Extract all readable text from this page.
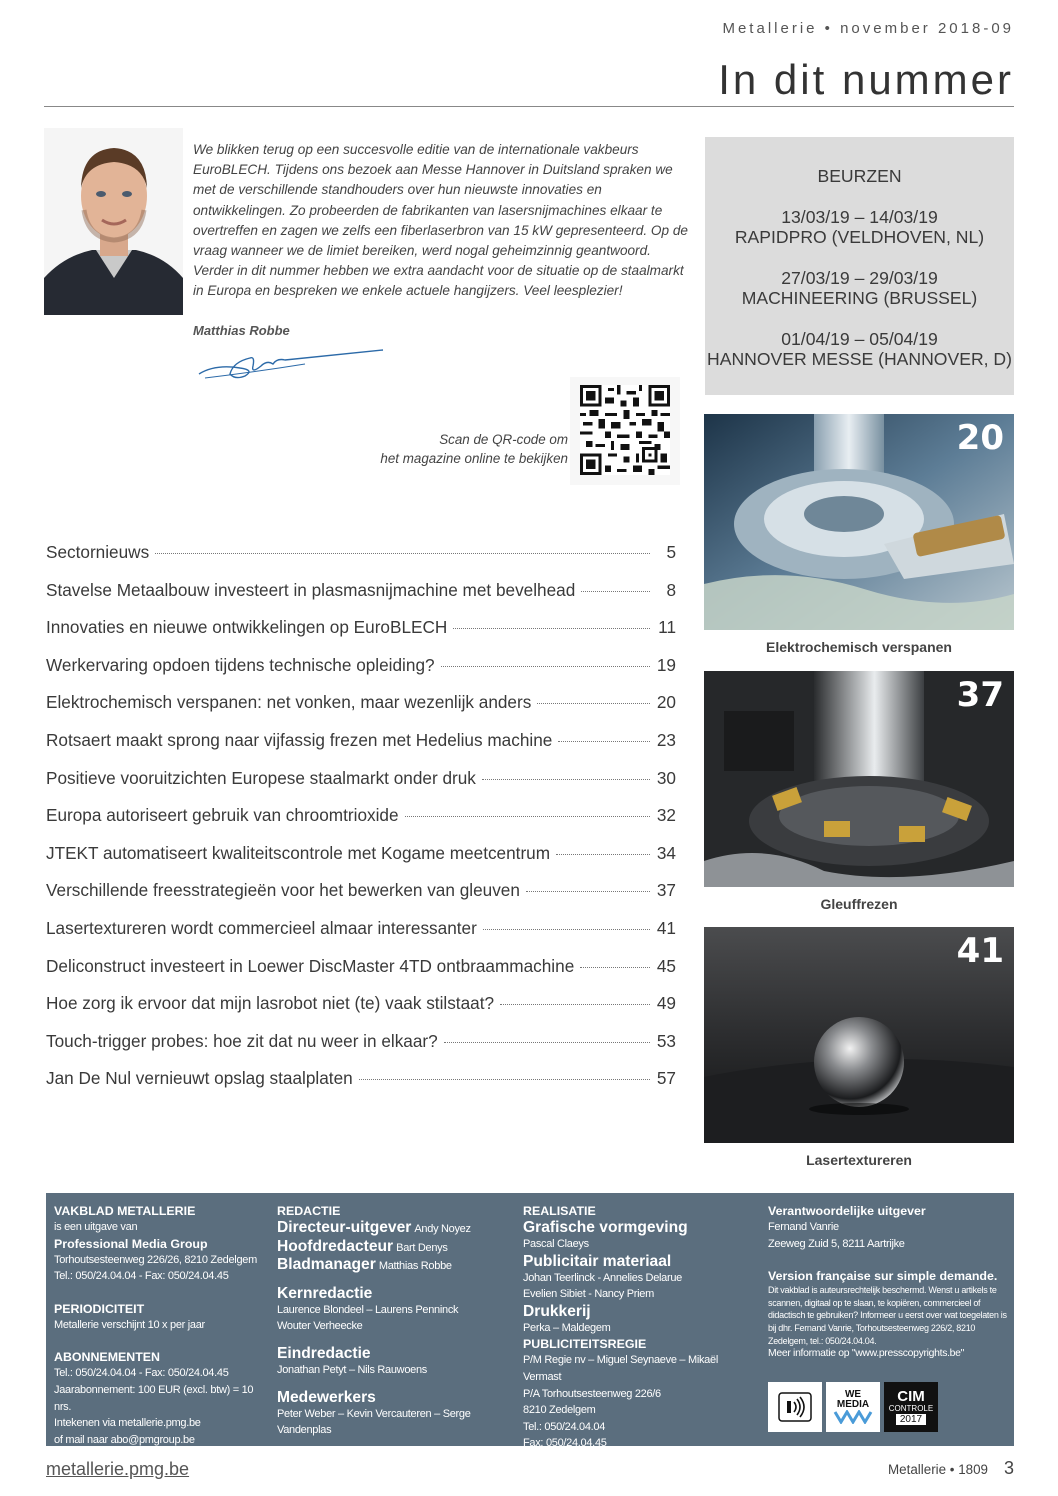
Metallerie • november 2018-09
In dit nummer

We blikken terug op een succesvolle editie van de internationale vakbeurs EuroBLECH. Tijdens ons bezoek aan Messe Hannover in Duitsland spraken we met de verschillende standhouders over hun nieuwste innovaties en ontwikkelingen. Zo probeerden de fabrikanten van lasersnijmachines elkaar te overtreffen en zagen we zelfs een fiberlaserbron van 15 kW gepresenteerd. Op de vraag wanneer we de limiet bereiken, werd nogal geheimzinnig geantwoord. Verder in dit nummer hebben we extra aandacht voor de situatie op de staalmarkt in Europa en bespreken we enkele actuele hangijzers. Veel leesplezier!

Matthias Robbe
Scan de QR-code om
het magazine online te bekijken
BEURZEN
13/03/19 – 14/03/19
RAPIDPRO (VELDHOVEN, NL)
27/03/19 – 29/03/19
MACHINEERING (BRUSSEL)
01/04/19 – 05/04/19
HANNOVER MESSE (HANNOVER, D)
Sectornieuws	5
Stavelse Metaalbouw investeert in plasmasnijmachine met bevelhead	8
Innovaties en nieuwe ontwikkelingen op EuroBLECH	11
Werkervaring opdoen tijdens technische opleiding?	19
Elektrochemisch verspanen: net vonken, maar wezenlijk anders	20
Rotsaert maakt sprong naar vijfassig frezen met Hedelius machine	23
Positieve vooruitzichten Europese staalmarkt onder druk	30
Europa autoriseert gebruik van chroomtrioxide	32
JTEKT automatiseert kwaliteitscontrole met Kogame meetcentrum	34
Verschillende freesstrategieën voor het bewerken van gleuven	37
Lasertextureren wordt commercieel almaar interessanter	41
Deliconstruct investeert in Loewer DiscMaster 4TD ontbraammachine	45
Hoe zorg ik ervoor dat mijn lasrobot niet (te) vaak stilstaat?	49
Touch-trigger probes: hoe zit dat nu weer in elkaar?	53
Jan De Nul vernieuwt opslag staalplaten	57
20
Elektrochemisch verspanen
37
Gleuffrezen
41
Lasertextureren
VAKBLAD METALLERIE
is een uitgave van
Professional Media Group
Torhoutsesteenweg 226/26, 8210 Zedelgem
Tel.: 050/24.04.04 - Fax: 050/24.04.45
PERIODICITEIT
Metallerie verschijnt 10 x per jaar
ABONNEMENTEN
Tel.: 050/24.04.04 - Fax: 050/24.04.45
Jaarabonnement: 100 EUR (excl. btw) = 10 nrs.
Intekenen via metallerie.pmg.be
of mail naar abo@pmgroup.be
REDACTIE
Directeur-uitgever Andy Noyez
Hoofdredacteur Bart Denys
Bladmanager Matthias Robbe
Kernredactie
Laurence Blondeel – Laurens Penninck
Wouter Verheecke
Eindredactie
Jonathan Petyt – Nils Rauwoens
Medewerkers
Peter Weber – Kevin Vercauteren – Serge Vandenplas
REALISATIE
Grafische vormgeving
Pascal Claeys
Publicitair materiaal
Johan Teerlinck - Annelies Delarue
Evelien Sibiet - Nancy Priem
Drukkerij
Perka – Maldegem
PUBLICITEITSREGIE
P/M Regie nv – Miguel Seynaeve – Mikaël Vermast
P/A Torhoutsesteenweg 226/6
8210 Zedelgem
Tel.: 050/24.04.04
Fax: 050/24.04.45
Verantwoordelijke uitgever
Fernand Vanrie
Zeeweg Zuid 5, 8211 Aartrijke
Version française sur simple demande.
Dit vakblad is auteursrechtelijk beschermd. Wenst u artikels te scannen, digitaal op te slaan, te kopiëren, commercieel of didactisch te gebruiken? Informeer u eerst over wat toegelaten is bij dhr. Fernand Vanrie, Torhoutsesteenweg 226/2, 8210 Zedelgem, tel.: 050/24.04.04.
Meer informatie op "www.presscopyrights.be"
WE
MEDIA CIM
CONTROLE
2017
metallerie.pmg.be	Metallerie • 1809 3
